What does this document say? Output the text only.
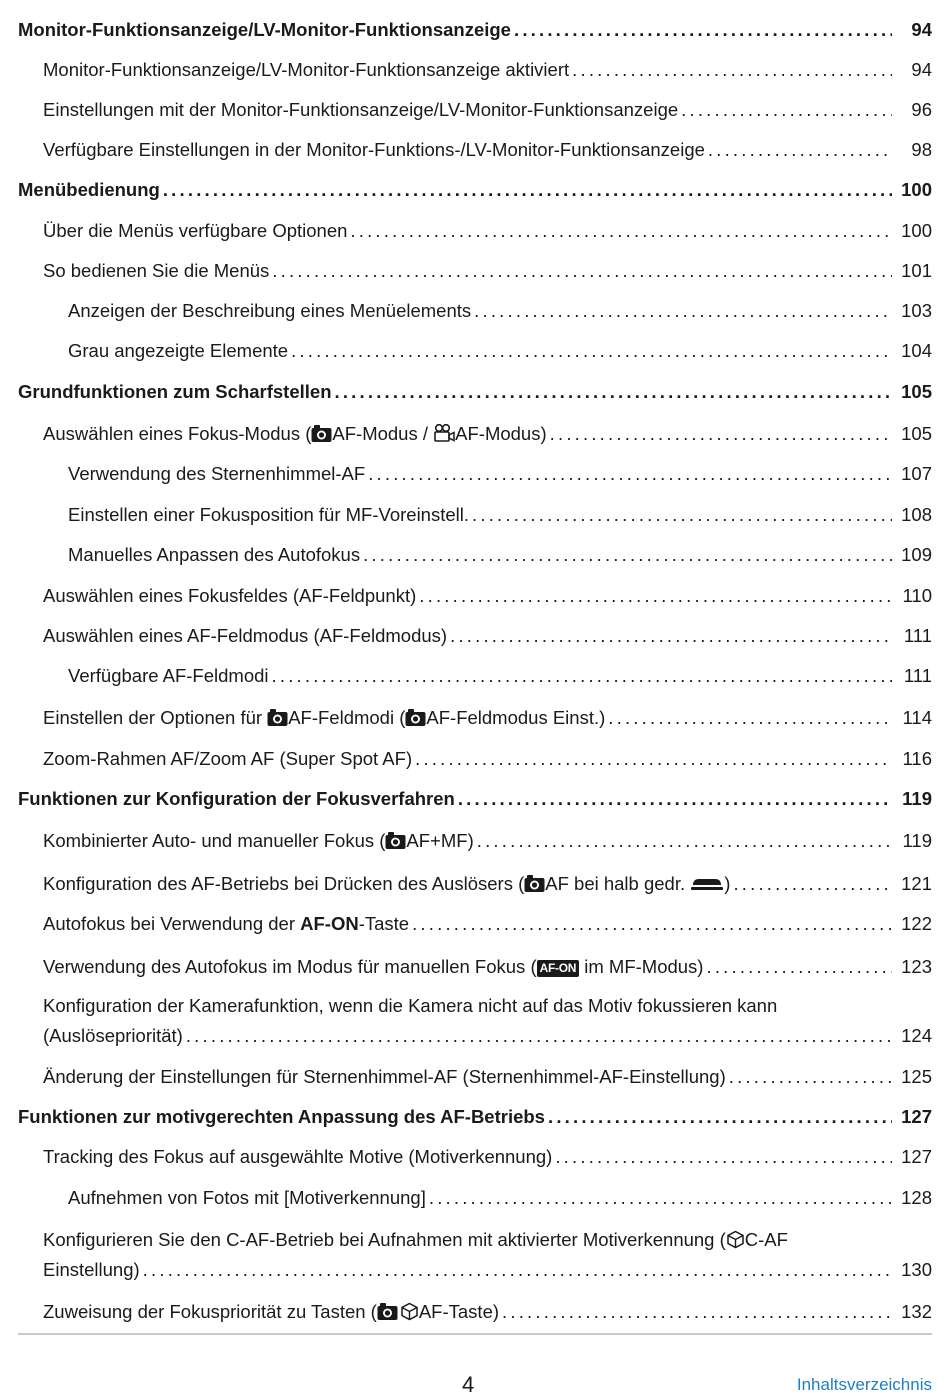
Monitor-Funktionsanzeige/LV-Monitor-Funktionsanzeige .....	94
Monitor-Funktionsanzeige/LV-Monitor-Funktionsanzeige aktiviert .....	94
Einstellungen mit der Monitor-Funktionsanzeige/LV-Monitor-Funktionsanzeige .....	96
Verfügbare Einstellungen in der Monitor-Funktions-/LV-Monitor-Funktionsanzeige .....	98
Menübedienung .....	100
Über die Menüs verfügbare Optionen .....	100
So bedienen Sie die Menüs .....	101
Anzeigen der Beschreibung eines Menüelements .....	103
Grau angezeigte Elemente .....	104
Grundfunktionen zum Scharfstellen .....	105
Auswählen eines Fokus-Modus ( AF-Modus / AF-Modus) .....	105
Verwendung des Sternenhimmel-AF .....	107
Einstellen einer Fokusposition für MF-Voreinstell. .....	108
Manuelles Anpassen des Autofokus .....	109
Auswählen eines Fokusfeldes (AF-Feldpunkt) .....	110
Auswählen eines AF-Feldmodus (AF-Feldmodus) .....	111
Verfügbare AF-Feldmodi .....	111
Einstellen der Optionen für AF-Feldmodi ( AF-Feldmodus Einst.) .....	114
Zoom-Rahmen AF/Zoom AF (Super Spot AF) .....	116
Funktionen zur Konfiguration der Fokusverfahren .....	119
Kombinierter Auto- und manueller Fokus ( AF+MF) .....	119
Konfiguration des AF-Betriebs bei Drücken des Auslösers ( AF bei halb gedr. ) .....	121
Autofokus bei Verwendung der AF-ON-Taste .....	122
Verwendung des Autofokus im Modus für manuellen Fokus ( AF-ON im MF-Modus) .....	123
Konfiguration der Kamerafunktion, wenn die Kamera nicht auf das Motiv fokussieren kann
(Auslösepriorität) .....	124
Änderung der Einstellungen für Sternenhimmel-AF (Sternenhimmel-AF-Einstellung) .....	125
Funktionen zur motivgerechten Anpassung des AF-Betriebs .....	127
Tracking des Fokus auf ausgewählte Motive (Motiverkennung) .....	127
Aufnehmen von Fotos mit [Motiverkennung] .....	128
Konfigurieren Sie den C-AF-Betrieb bei Aufnahmen mit aktivierter Motiverkennung ( C-AF
Einstellung) .....	130
Zuweisung der Fokuspriorität zu Tasten ( AF-Taste) .....	132
4	Inhaltsverzeichnis
